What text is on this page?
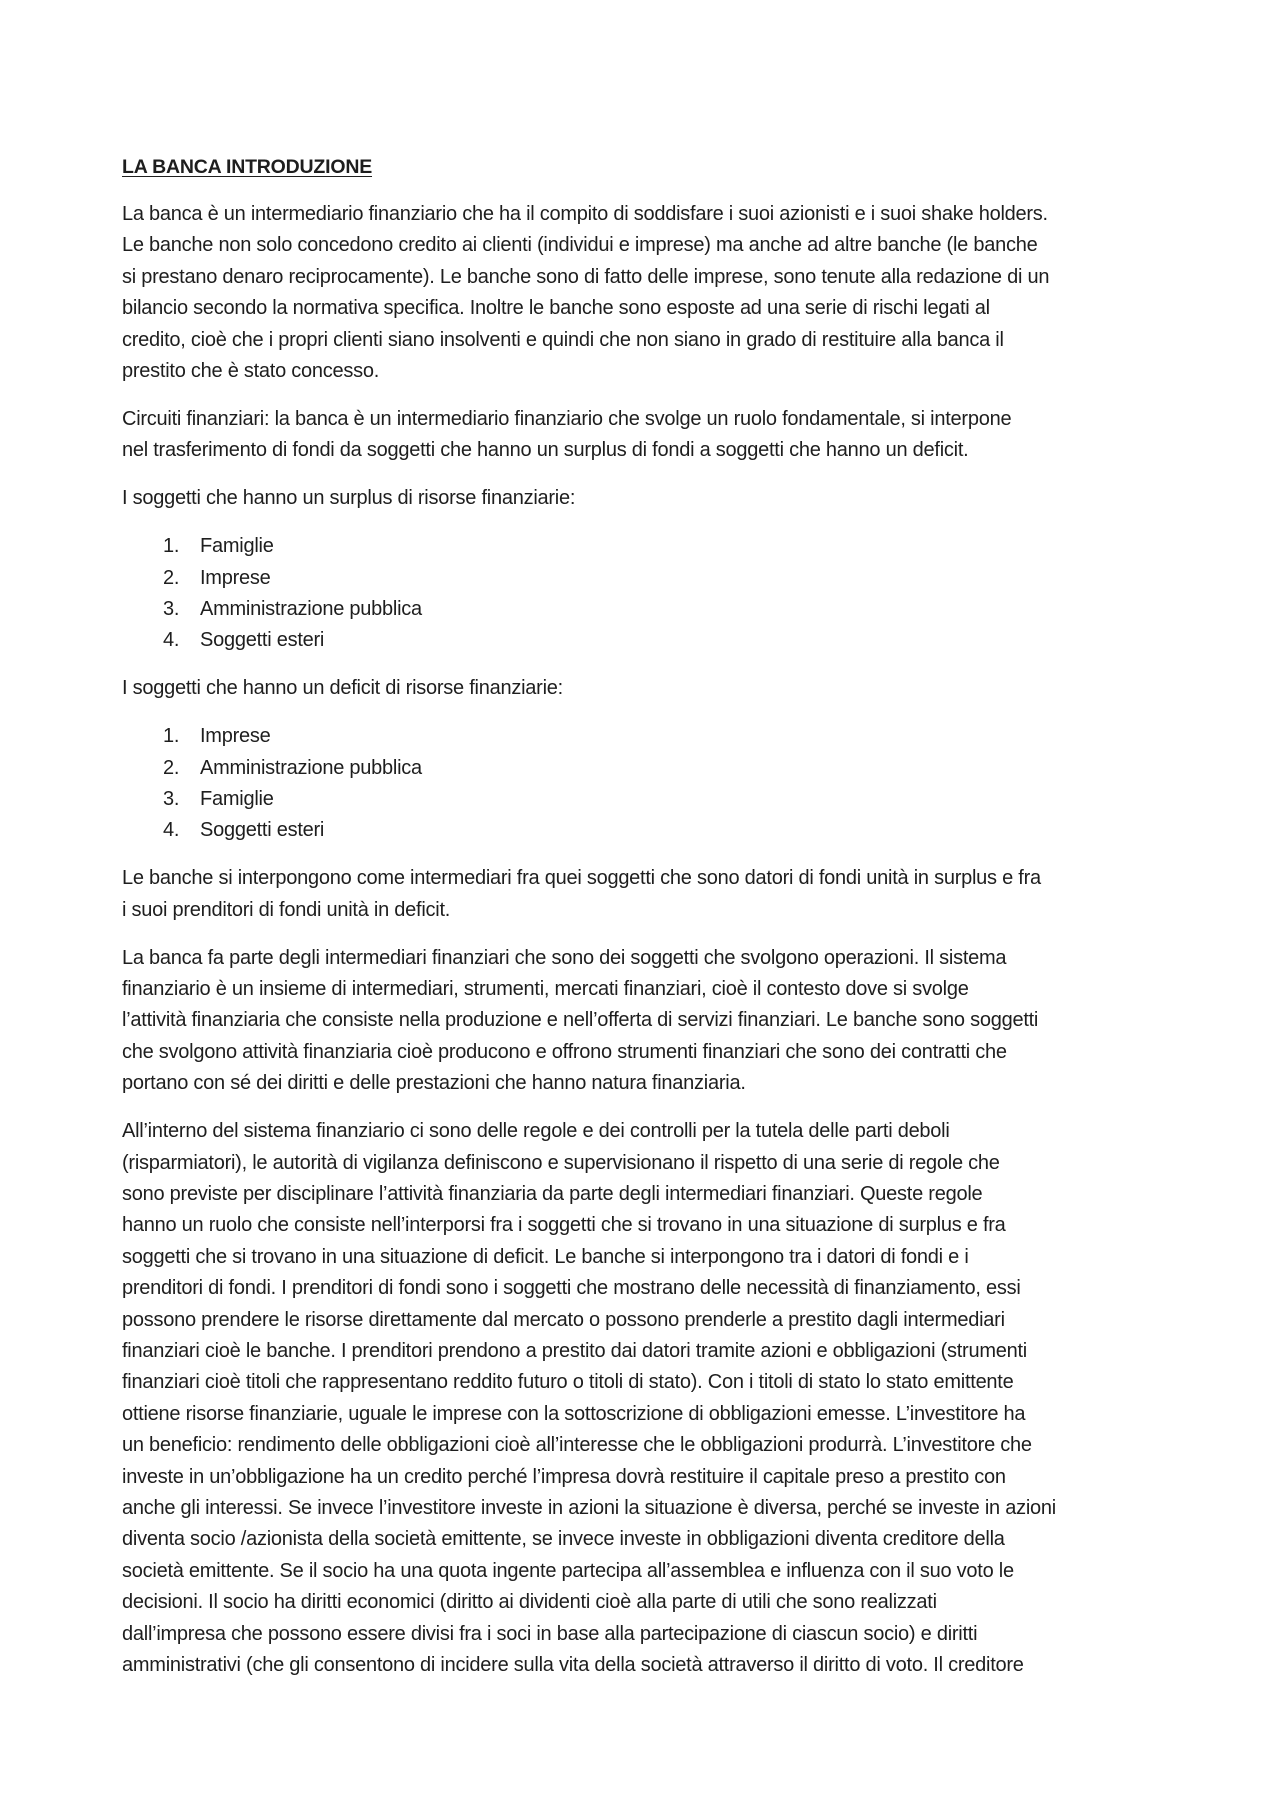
LA BANCA INTRODUZIONE

La banca è un intermediario finanziario che ha il compito di soddisfare i suoi azionisti e i suoi shake holders.
Le banche non solo concedono credito ai clienti (individui e imprese) ma anche ad altre banche (le banche
si prestano denaro reciprocamente). Le banche sono di fatto delle imprese, sono tenute alla redazione di un
bilancio secondo la normativa specifica. Inoltre le banche sono esposte ad una serie di rischi legati al
credito, cioè che i propri clienti siano insolventi e quindi che non siano in grado di restituire alla banca il
prestito che è stato concesso.

Circuiti finanziari: la banca è un intermediario finanziario che svolge un ruolo fondamentale, si interpone
nel trasferimento di fondi da soggetti che hanno un surplus di fondi a soggetti che hanno un deficit.

I soggetti che hanno un surplus di risorse finanziarie:

1. Famiglie
2. Imprese
3. Amministrazione pubblica
4. Soggetti esteri

I soggetti che hanno un deficit di risorse finanziarie:

1. Imprese
2. Amministrazione pubblica
3. Famiglie
4. Soggetti esteri

Le banche si interpongono come intermediari fra quei soggetti che sono datori di fondi unità in surplus e fra
i suoi prenditori di fondi unità in deficit.

La banca fa parte degli intermediari finanziari che sono dei soggetti che svolgono operazioni. Il sistema
finanziario è un insieme di intermediari, strumenti, mercati finanziari, cioè il contesto dove si svolge
l’attività finanziaria che consiste nella produzione e nell’offerta di servizi finanziari. Le banche sono soggetti
che svolgono attività finanziaria cioè producono e offrono strumenti finanziari che sono dei contratti che
portano con sé dei diritti e delle prestazioni che hanno natura finanziaria.

All’interno del sistema finanziario ci sono delle regole e dei controlli per la tutela delle parti deboli
(risparmiatori), le autorità di vigilanza definiscono e supervisionano il rispetto di una serie di regole che
sono previste per disciplinare l’attività finanziaria da parte degli intermediari finanziari. Queste regole
hanno un ruolo che consiste nell’interporsi fra i soggetti che si trovano in una situazione di surplus e fra
soggetti che si trovano in una situazione di deficit. Le banche si interpongono tra i datori di fondi e i
prenditori di fondi. I prenditori di fondi sono i soggetti che mostrano delle necessità di finanziamento, essi
possono prendere le risorse direttamente dal mercato o possono prenderle a prestito dagli intermediari
finanziari cioè le banche. I prenditori prendono a prestito dai datori tramite azioni e obbligazioni (strumenti
finanziari cioè titoli che rappresentano reddito futuro o titoli di stato). Con i titoli di stato lo stato emittente
ottiene risorse finanziarie, uguale le imprese con la sottoscrizione di obbligazioni emesse. L’investitore ha
un beneficio: rendimento delle obbligazioni cioè all’interesse che le obbligazioni produrrà. L’investitore che
investe in un’obbligazione ha un credito perché l’impresa dovrà restituire il capitale preso a prestito con
anche gli interessi. Se invece l’investitore investe in azioni la situazione è diversa, perché se investe in azioni
diventa socio /azionista della società emittente, se invece investe in obbligazioni diventa creditore della
società emittente. Se il socio ha una quota ingente partecipa all’assemblea e influenza con il suo voto le
decisioni. Il socio ha diritti economici (diritto ai dividenti cioè alla parte di utili che sono realizzati
dall’impresa che possono essere divisi fra i soci in base alla partecipazione di ciascun socio) e diritti
amministrativi (che gli consentono di incidere sulla vita della società attraverso il diritto di voto. Il creditore
